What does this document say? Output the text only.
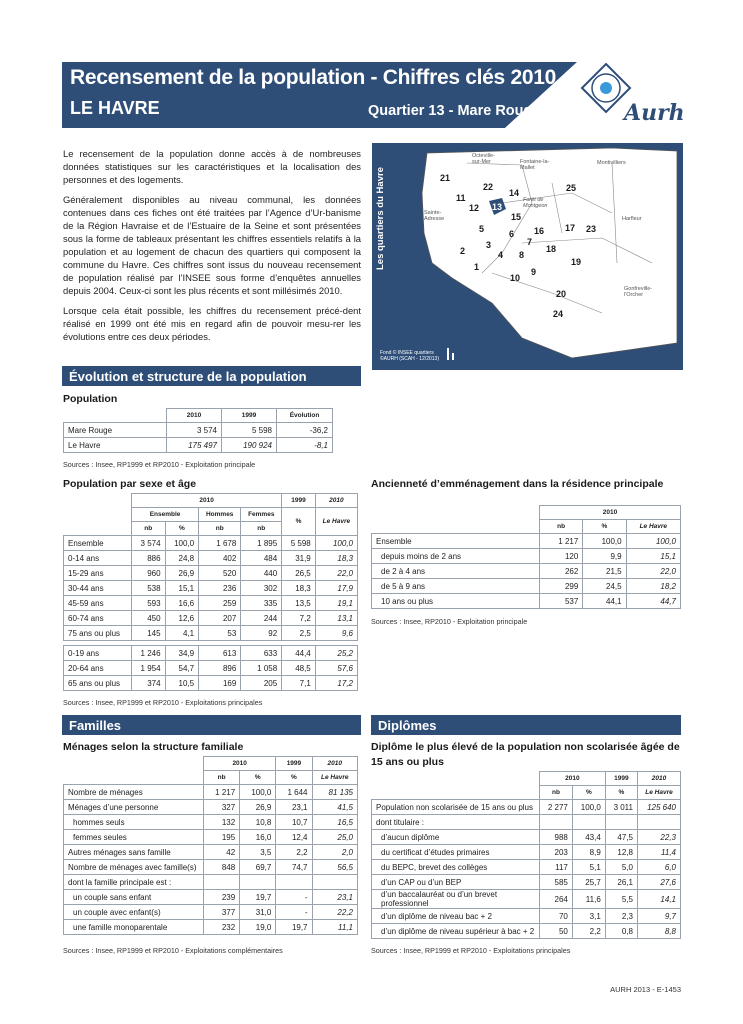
Recensement de la population - Chiffres clés 2010
LE HAVRE	Quartier 13 - Mare Rouge	Aurh

Le recensement de la population donne accès à de nombreuses données statistiques sur les caractéristiques et la localisation des personnes et des logements.

Généralement disponibles au niveau communal, les données contenues dans ces fiches ont été traitées par l’Agence d’Ur-banisme de la Région Havraise et de l’Estuaire de la Seine et sont présentées sous la forme de tableaux présentant les chiffres essentiels relatifs à la population et au logement de chacun des quartiers qui composent la commune du Havre. Ces chiffres sont issus du nouveau recensement de population réalisé par l’INSEE sous forme d’enquêtes annuelles depuis 2004. Ceux-ci sont les plus récents et sont millésimés 2010.

Lorsque cela était possible, les chiffres du recensement précé-dent réalisé en 1999 ont été mis en regard afin de pouvoir mesu-rer les évolutions entre ces deux périodes.

21
22
14	25
11
12 13
15
5	6 16 17 23
7
3	18
2	4 8
19
1	9
10
20
24
Octeville-sur-Mer	Fontaine-la-Mallet
Montivilliers
Forêt de Montgeon
Sainte-Adresse	Harfleur
Gonfreville-l'Orcher
Les quartiers du Havre
Fond © INSEE quartiers ©AURH (SCAH - 12/2013)
Évolution et structure de la population
Population
	2010	1999	Évolution
Mare Rouge	3 574	5 598	-36,2
Le Havre	175 497	190 924	-8,1
Sources : Insee, RP1999 et RP2010 - Exploitation principale
Population par sexe et âge
	2010				1999	2010
	Ensemble		Hommes	Femmes	%	Le Havre
	nb	%	nb	nb		
Ensemble	3 574	100,0	1 678	1 895	5 598	100,0
0-14 ans	886	24,8	402	484	31,9	18,3
15-29 ans	960	26,9	520	440	26,5	22,0
30-44 ans	538	15,1	236	302	18,3	17,9
45-59 ans	593	16,6	259	335	13,5	19,1
60-74 ans	450	12,6	207	244	7,2	13,1
75 ans ou plus	145	4,1	53	92	2,5	9,6

0-19 ans	1 246	34,9	613	633	44,4	25,2
20-64 ans	1 954	54,7	896	1 058	48,5	57,6
65 ans ou plus	374	10,5	169	205	7,1	17,2
Sources : Insee, RP1999 et RP2010 - Exploitations principales
Ancienneté d’emménagement dans la résidence principale
	2010		
	nb	%	Le Havre
Ensemble	1 217	100,0	100,0
depuis moins de 2 ans	120	9,9	15,1
de 2 à 4 ans	262	21,5	22,0
de 5 à 9 ans	299	24,5	18,2
10 ans ou plus	537	44,1	44,7
Sources : Insee, RP2010 - Exploitation principale
Familles	Diplômes
Ménages selon la structure familiale
	2010		1999	2010
	nb	%	%	Le Havre
Nombre de ménages	1 217	100,0	1 644	81 135
Ménages d’une personne	327	26,9	23,1	41,5
hommes seuls	132	10,8	10,7	16,5
femmes seules	195	16,0	12,4	25,0
Autres ménages sans famille	42	3,5	2,2	2,0
Nombre de ménages avec famille(s)	848	69,7	74,7	56,5
dont la famille principale est :				
un couple sans enfant	239	19,7	-	23,1
un couple avec enfant(s)	377	31,0	-	22,2
une famille monoparentale	232	19,0	19,7	11,1
Sources : Insee, RP1999 et RP2010 - Exploitations complémentaires
Diplôme le plus élevé de la population non scolarisée âgée de 15 ans ou plus
	2010		1999	2010
	nb	%	%	Le Havre
Population non scolarisée de 15 ans ou plus	2 277	100,0	3 011	125 640
dont titulaire :				
d’aucun diplôme	988	43,4	47,5	22,3
du certificat d’études primaires	203	8,9	12,8	11,4
du BEPC, brevet des collèges	117	5,1	5,0	6,0
d’un CAP ou d’un BEP	585	25,7	26,1	27,6
d’un baccalauréat ou d’un brevet professionnel	264	11,6	5,5	14,1
d’un diplôme de niveau bac + 2	70	3,1	2,3	9,7
d’un diplôme de niveau supérieur à bac + 2	50	2,2	0,8	8,8
Sources : Insee, RP1999 et RP2010 - Exploitations principales
AURH 2013 - E-1453
